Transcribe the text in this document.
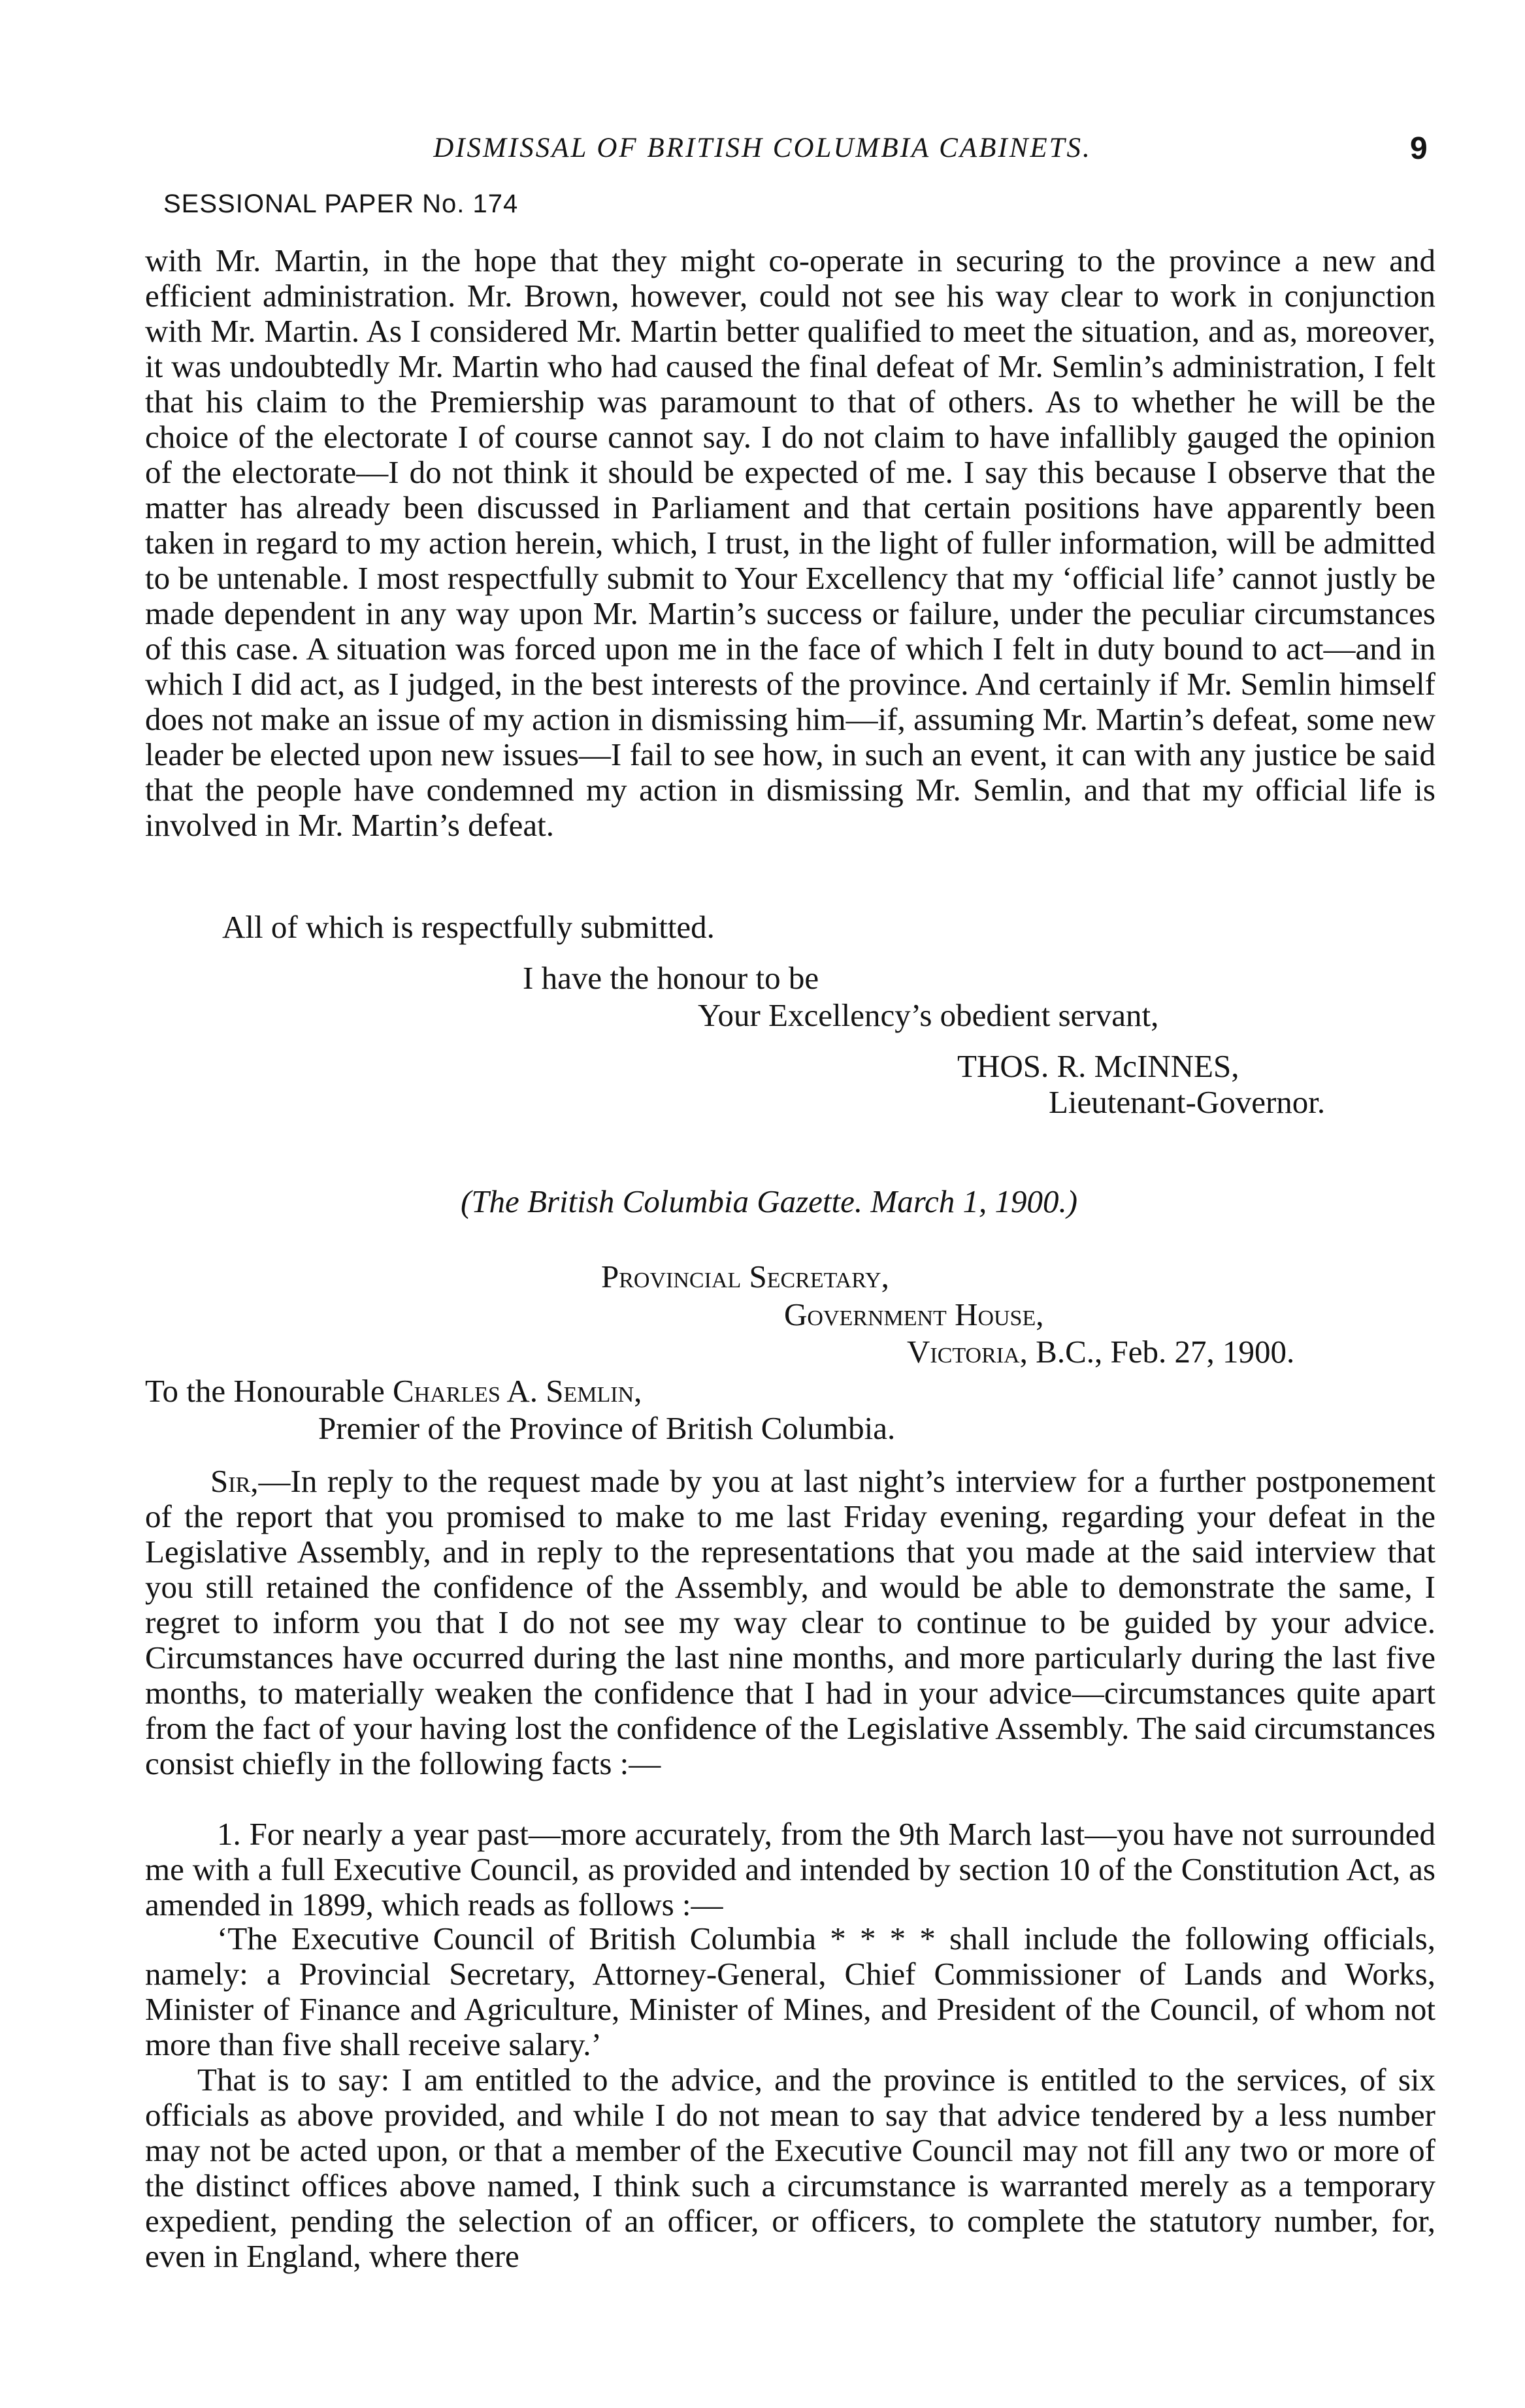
DISMISSAL OF BRITISH COLUMBIA CABINETS.	9
SESSIONAL PAPER No. 174

with Mr. Martin, in the hope that they might co-operate in securing to the province a new and efficient administration. Mr. Brown, however, could not see his way clear to work in conjunction with Mr. Martin. As I considered Mr. Martin better qualified to meet the situation, and as, moreover, it was undoubtedly Mr. Martin who had caused the final defeat of Mr. Semlin’s administration, I felt that his claim to the Premiership was paramount to that of others. As to whether he will be the choice of the electorate I of course cannot say. I do not claim to have infallibly gauged the opinion of the electorate—I do not think it should be expected of me. I say this because I observe that the matter has already been discussed in Parliament and that certain positions have apparently been taken in regard to my action herein, which, I trust, in the light of fuller information, will be admitted to be untenable. I most respectfully submit to Your Excellency that my ‘official life’ cannot justly be made dependent in any way upon Mr. Martin’s success or failure, under the peculiar circumstances of this case. A situation was forced upon me in the face of which I felt in duty bound to act—and in which I did act, as I judged, in the best interests of the province. And certainly if Mr. Semlin himself does not make an issue of my action in dismissing him—if, assuming Mr. Martin’s defeat, some new leader be elected upon new issues—I fail to see how, in such an event, it can with any justice be said that the people have condemned my action in dismissing Mr. Semlin, and that my official life is involved in Mr. Martin’s defeat.

All of which is respectfully submitted.

I have the honour to be
Your Excellency’s obedient servant,
THOS. R. McINNES,
Lieutenant-Governor.
(The British Columbia Gazette. March 1, 1900.)
Provincial Secretary,
Government House,
Victoria, B.C., Feb. 27, 1900.
To the Honourable Charles A. Semlin,
Premier of the Province of British Columbia.

Sir,—In reply to the request made by you at last night’s interview for a further postponement of the report that you promised to make to me last Friday evening, regarding your defeat in the Legislative Assembly, and in reply to the representations that you made at the said interview that you still retained the confidence of the Assembly, and would be able to demonstrate the same, I regret to inform you that I do not see my way clear to continue to be guided by your advice. Circumstances have occurred during the last nine months, and more particularly during the last five months, to materially weaken the confidence that I had in your advice—circumstances quite apart from the fact of your having lost the confidence of the Legislative Assembly. The said circumstances consist chiefly in the following facts :—

1. For nearly a year past—more accurately, from the 9th March last—you have not surrounded me with a full Executive Council, as provided and intended by section 10 of the Constitution Act, as amended in 1899, which reads as follows :—

‘The Executive Council of British Columbia * * * * shall include the following officials, namely: a Provincial Secretary, Attorney-General, Chief Commissioner of Lands and Works, Minister of Finance and Agriculture, Minister of Mines, and President of the Council, of whom not more than five shall receive salary.’

That is to say: I am entitled to the advice, and the province is entitled to the services, of six officials as above provided, and while I do not mean to say that advice tendered by a less number may not be acted upon, or that a member of the Executive Council may not fill any two or more of the distinct offices above named, I think such a circumstance is warranted merely as a temporary expedient, pending the selection of an officer, or officers, to complete the statutory number, for, even in England, where there
